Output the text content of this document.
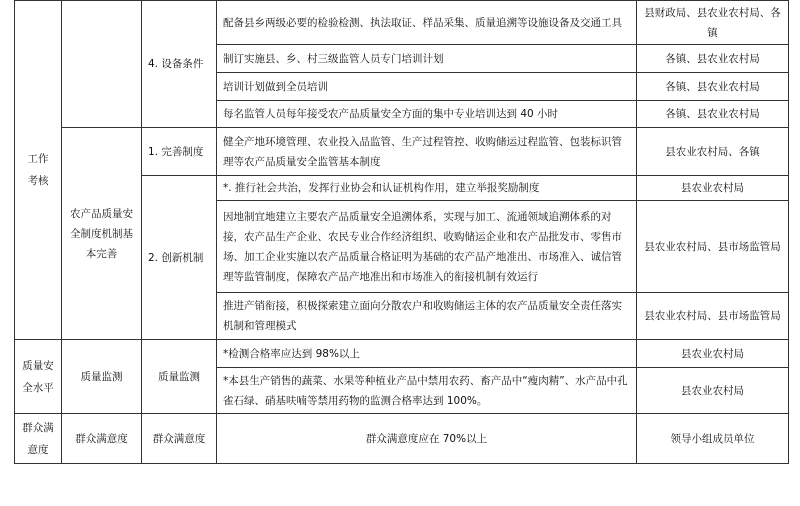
工作
考核		4. 设备条件	配备县乡两级必要的检验检测、执法取证、样品采集、质量追溯等设施设备及交通工具	县财政局、县农业农村局、各镇
			制订实施县、乡、村三级监管人员专门培训计划	各镇、县农业农村局
			培训计划做到全员培训	各镇、县农业农村局
			每名监管人员每年接受农产品质量安全方面的集中专业培训达到 40 小时	各镇、县农业农村局
	农产品质量安全制度机制基本完善	1. 完善制度	健全产地环境管理、农业投入品监管、生产过程管控、收购储运过程监管、包装标识管理等农产品质量安全监管基本制度	县农业农村局、各镇
		2. 创新机制	*. 推行社会共治，发挥行业协会和认证机构作用，建立举报奖励制度	县农业农村局
			因地制宜地建立主要农产品质量安全追溯体系，实现与加工、流通领域追溯体系的对接，农产品生产企业、农民专业合作经济组织、收购储运企业和农产品批发市、零售市场、加工企业实施以农产品质量合格证明为基础的农产品产地准出、市场准入、诚信管理等监管制度，保障农产品产地准出和市场准入的衔接机制有效运行	县农业农村局、县市场监管局

			推进产销衔接，积极探索建立面向分散农户和收购储运主体的农产品质量安全责任落实机制和管理模式	县农业农村局、县市场监管局
质量安
全水平	质量监测	质量监测	*检测合格率应达到 98%以上	县农业农村局
			*本县生产销售的蔬菜、水果等种植业产品中禁用农药、畜产品中“瘦肉精”、水产品中孔雀石绿、硝基呋喃等禁用药物的监测合格率达到 100%。	县农业农村局
群众满
意度	群众满意度	群众满意度	群众满意度应在 70%以上	领导小组成员单位
